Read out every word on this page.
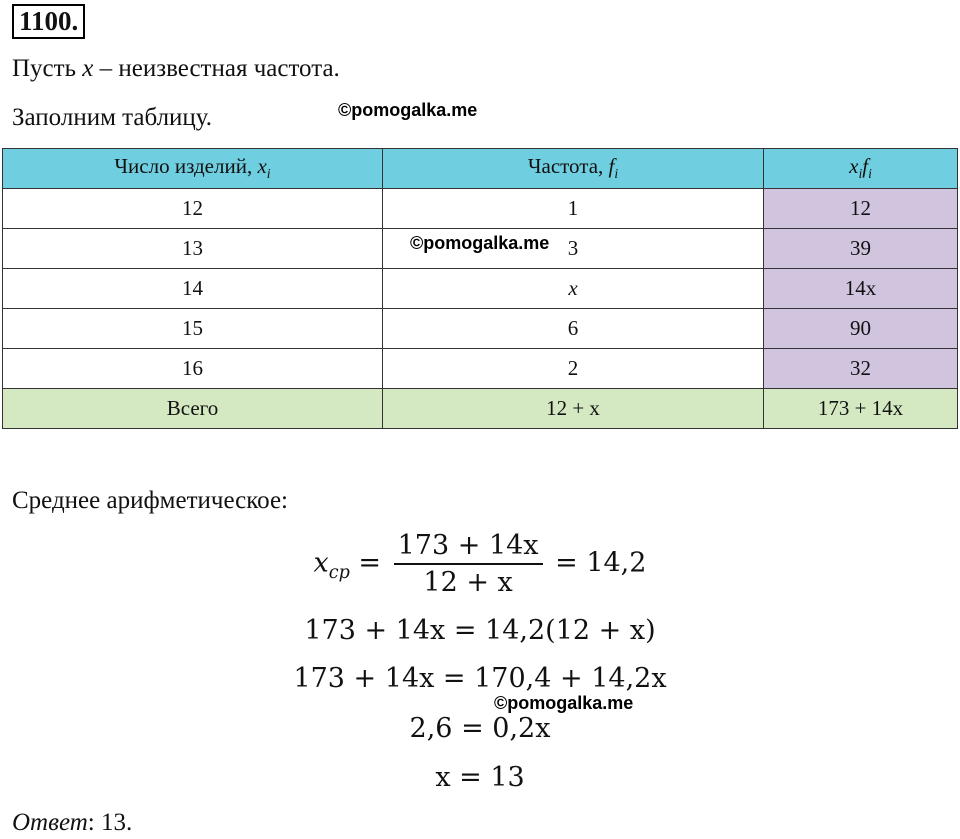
1100.
Пусть x – неизвестная частота.
Заполним таблицу.	©pomogalka.me
Число изделий, $x_i$	Частота, $f_i$	$x_if_i$
12	1	12
13	©pomogalka.me 3	39
14	x	14x
15	6	90
16	2	32
Всего	12 + x	173 + 14x
Среднее арифметическое:
$x_{cp} = \frac{173 + 14x}{12 + x} = 14,2$
173 + 14x = 14,2(12 + x)
173 + 14x = 170,4 + 14,2x
©pomogalka.me
2,6 = 0,2x
x = 13
Ответ: 13.
